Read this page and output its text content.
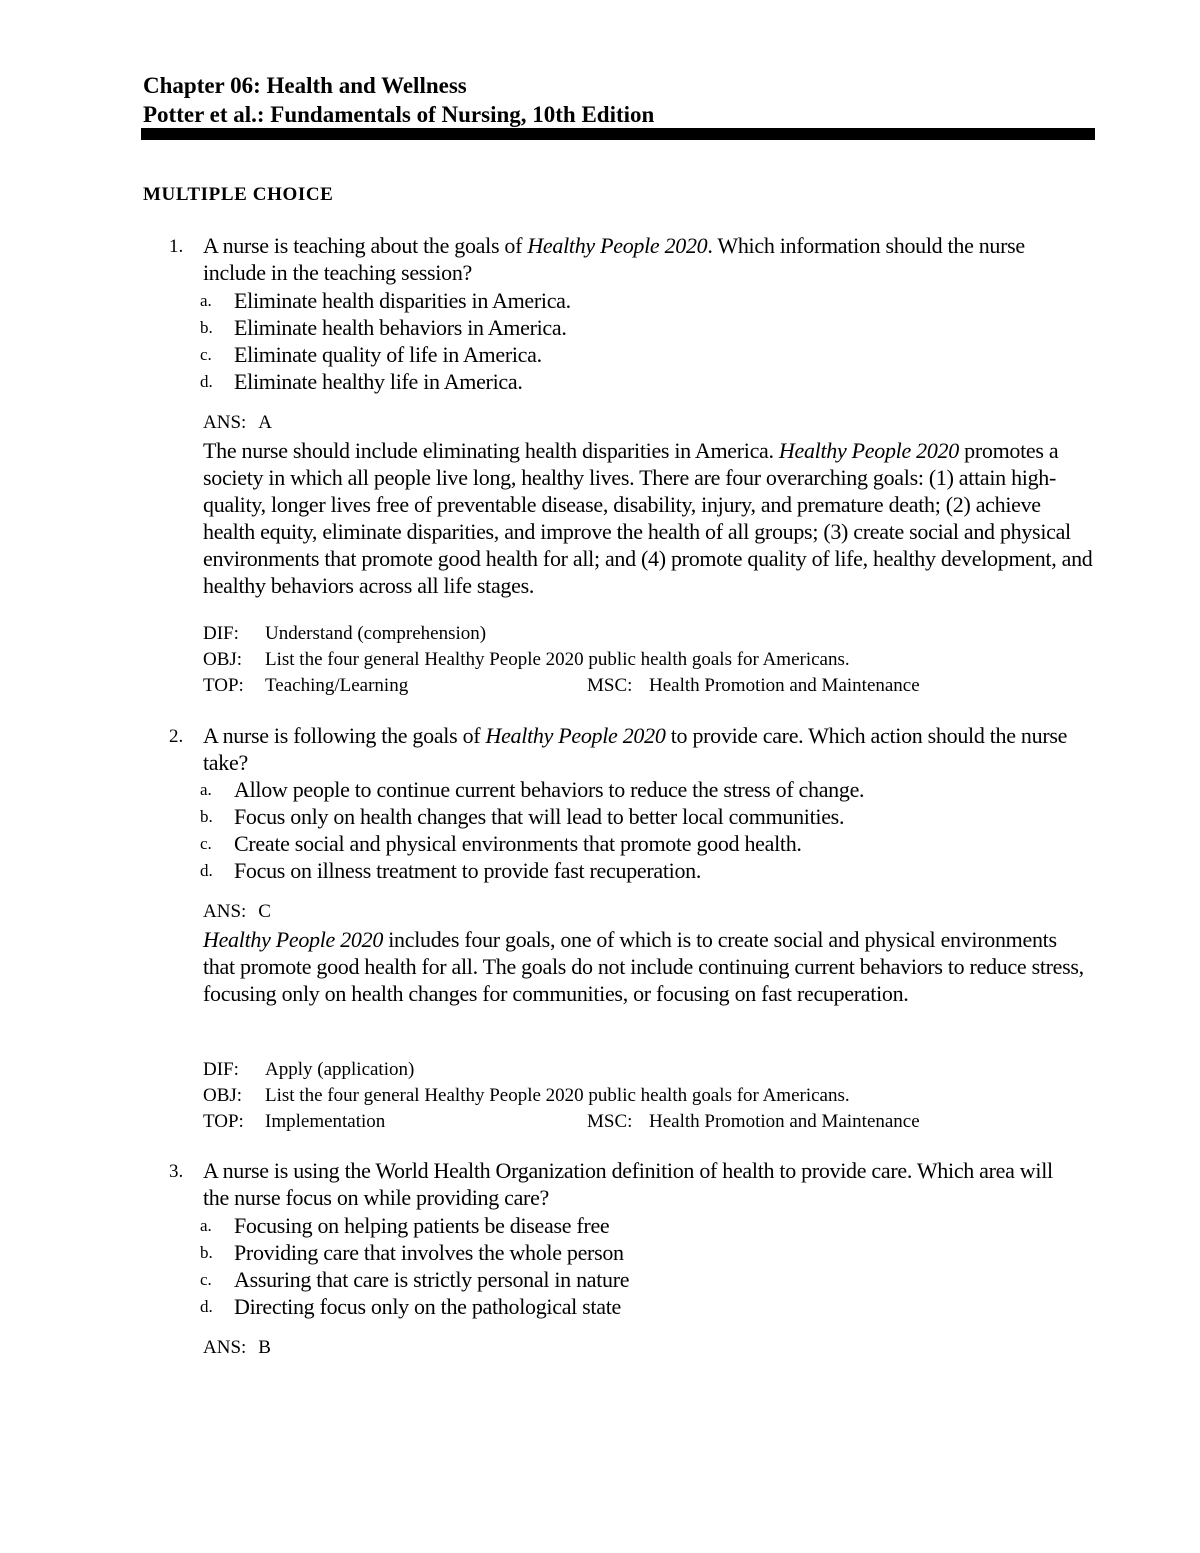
Chapter 06: Health and Wellness
Potter et al.: Fundamentals of Nursing, 10th Edition
MULTIPLE CHOICE
1. A nurse is teaching about the goals of Healthy People 2020. Which information should the nurse include in the teaching session?
a. Eliminate health disparities in America.
b. Eliminate health behaviors in America.
c. Eliminate quality of life in America.
d. Eliminate healthy life in America.
ANS: A

The nurse should include eliminating health disparities in America. Healthy People 2020 promotes a society in which all people live long, healthy lives. There are four overarching goals: (1) attain high-quality, longer lives free of preventable disease, disability, injury, and premature death; (2) achieve health equity, eliminate disparities, and improve the health of all groups; (3) create social and physical environments that promote good health for all; and (4) promote quality of life, healthy development, and healthy behaviors across all life stages.

DIF: Understand (comprehension)
OBJ: List the four general Healthy People 2020 public health goals for Americans.
TOP: Teaching/Learning	MSC: Health Promotion and Maintenance
2. A nurse is following the goals of Healthy People 2020 to provide care. Which action should the nurse take?
a. Allow people to continue current behaviors to reduce the stress of change.
b. Focus only on health changes that will lead to better local communities.
c. Create social and physical environments that promote good health.
d. Focus on illness treatment to provide fast recuperation.
ANS: C

Healthy People 2020 includes four goals, one of which is to create social and physical environments that promote good health for all. The goals do not include continuing current behaviors to reduce stress, focusing only on health changes for communities, or focusing on fast recuperation.

DIF: Apply (application)
OBJ: List the four general Healthy People 2020 public health goals for Americans.
TOP: Implementation	MSC: Health Promotion and Maintenance
3. A nurse is using the World Health Organization definition of health to provide care. Which area will the nurse focus on while providing care?
a. Focusing on helping patients be disease free
b. Providing care that involves the whole person
c. Assuring that care is strictly personal in nature
d. Directing focus only on the pathological state
ANS: B
